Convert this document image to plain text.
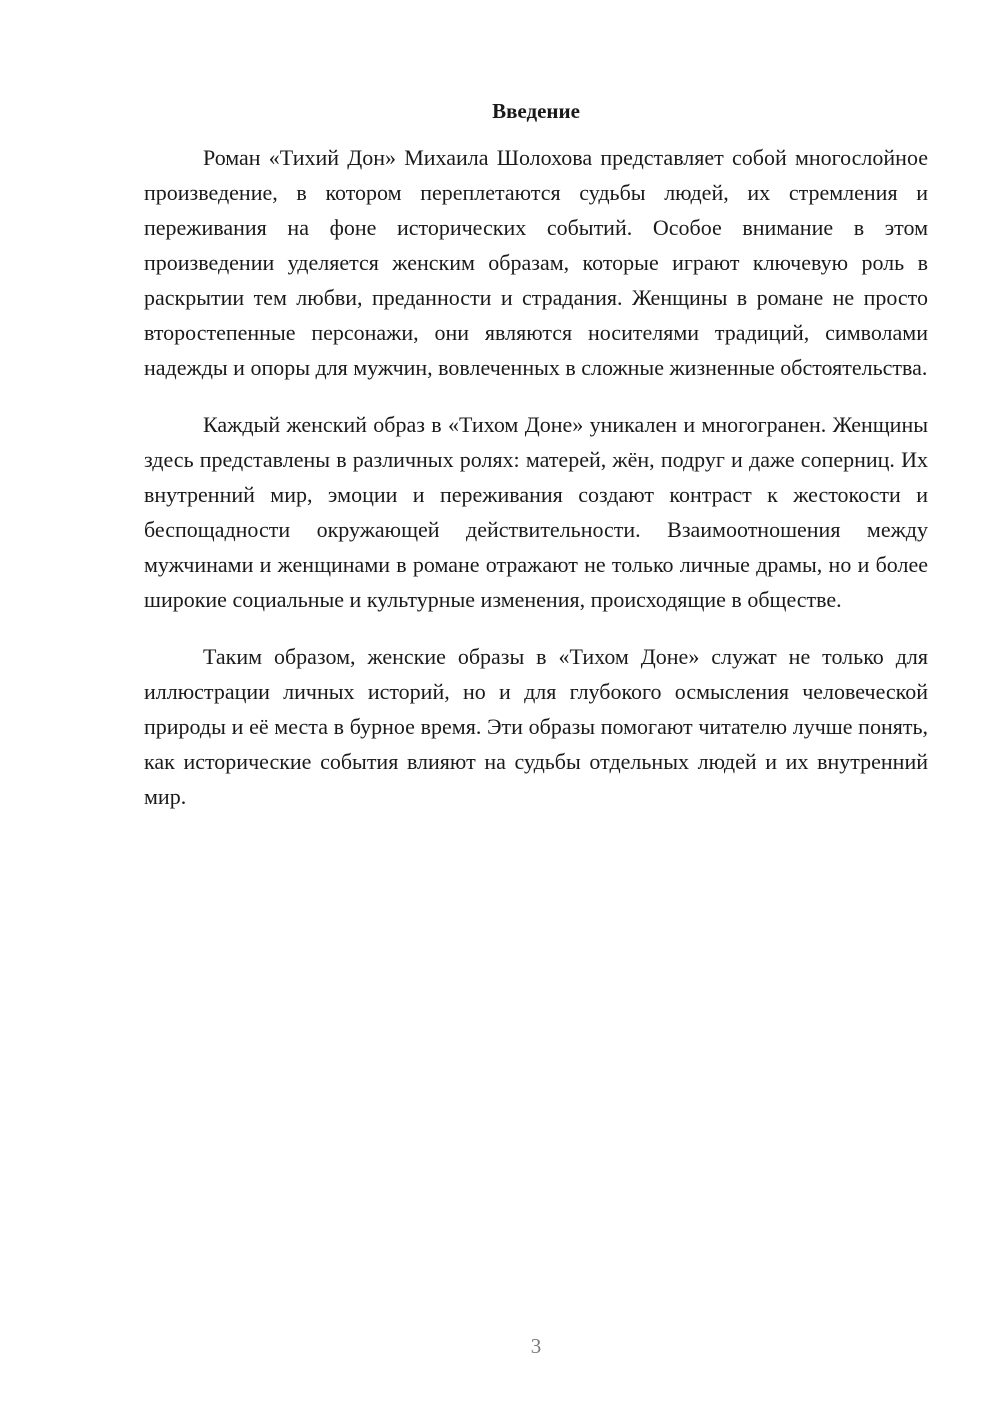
Введение

Роман «Тихий Дон» Михаила Шолохова представляет собой многослойное произведение, в котором переплетаются судьбы людей, их стремления и переживания на фоне исторических событий. Особое внимание в этом произведении уделяется женским образам, которые играют ключевую роль в раскрытии тем любви, преданности и страдания. Женщины в романе не просто второстепенные персонажи, они являются носителями традиций, символами надежды и опоры для мужчин, вовлеченных в сложные жизненные обстоятельства.

Каждый женский образ в «Тихом Доне» уникален и многогранен. Женщины здесь представлены в различных ролях: матерей, жён, подруг и даже соперниц. Их внутренний мир, эмоции и переживания создают контраст к жестокости и беспощадности окружающей действительности. Взаимоотношения между мужчинами и женщинами в романе отражают не только личные драмы, но и более широкие социальные и культурные изменения, происходящие в обществе.

Таким образом, женские образы в «Тихом Доне» служат не только для иллюстрации личных историй, но и для глубокого осмысления человеческой природы и её места в бурное время. Эти образы помогают читателю лучше понять, как исторические события влияют на судьбы отдельных людей и их внутренний мир.

3
